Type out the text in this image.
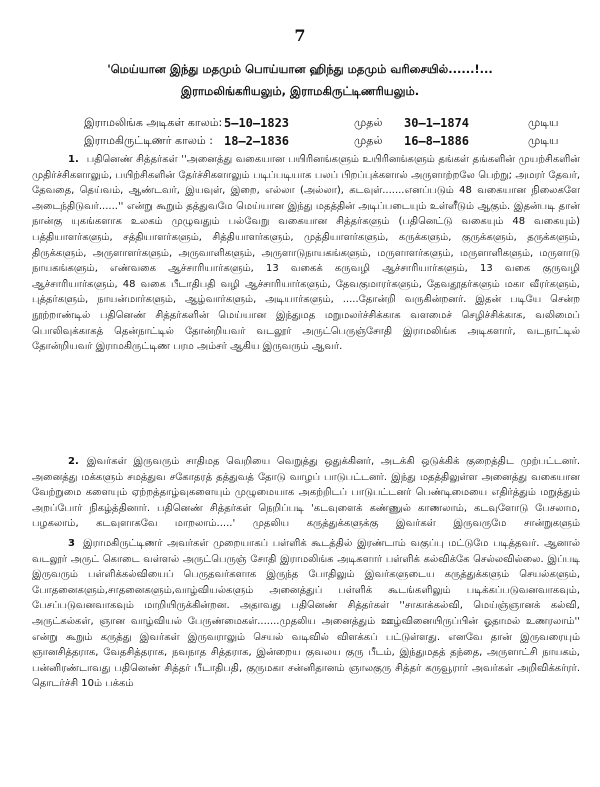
7
'மெய்யான இந்து மதமும் பொய்யான ஹிந்து மதமும் வரிசையில்......!...
இராமலிங்கரியலும், இராமகிருட்டிணரியலும்.
இராமலிங்க அடிகள் காலம்: 5—10—1823	முதல்	30—1—1874	முடிய
இராமகிருட்டிணர் காலம் : 18—2—1836	முதல்	16—8—1886	முடிய
1. பதினெண் சித்தர்கள் ''அனைத்து வகையான பயிரினங்களும் உயிரினங்களும் தங்கள் தங்களின் முயற்சிகளின் முதிர்ச்சிகளாலும், பயிற்சிகளின் தேர்ச்சிகளாலும் படிப்படியாக பலப் பிறப்புக்களால் அருளாற்றலே பெற்று; அமரர் தேவர், தேவதை, தெய்வம், ஆண்டவர், இயவுள், இறை, எல்லா (அல்லா), கடவுள்.......எனப்படும் 48 வகையான நிலைகளே அடைந்திடுவர்......'' என்று கூறும் தத்துவமே மெய்யான இந்து மதத்தின் அடிப்படையும் உள்ளீடும் ஆகும். இதன்படி தான் நான்கு யுகங்களாக உலகம் முழுவதும் பல்வேறு வகையான சித்தர்களும் (பதினெட்டு வகையும் 48 வகையும்) பத்தியாளர்களும், சத்தியாளர்களும், சித்தியாளர்களும், முத்தியாளர்களும், கருக்களும், குருக்களும், தருக்களும், திருக்களும், அருளாளர்களும், அருவாளிகளும், அருளாடுநாயகங்களும், மருளாளர்களும், மருளாளிகளும், மருளாடு நாயகங்களும், எண்வகை ஆச்சாரியார்களும், 13 வகைக் கருவழி ஆச்சாரியார்களும், 13 வகை குருவழி ஆச்சாரியார்களும், 48 வகை பீடாதிபதி வழி ஆச்சாரியார்களும், தேவகுமாரர்களும், தேவதூதர்களும் மகா வீரர்களும், புத்தர்களும், நாயன்மார்களும், ஆழ்வார்களும், அடியார்களும், .....தோன்றி வருகின்றனர். இதன் படியே சென்ற நூற்றாண்டில் பதினெண் சித்தர்களின் மெய்யான இந்துமத மறுமலர்ச்சிக்காக வளமைச் செழிச்சிக்காக, வலிமைப் பொலிவுக்காகத் தென்நாட்டில் தோன்றியவர் வடலூர் அருட்பெருஞ்சோதி இராமலிங்க அடிகளார், வடநாட்டில் தோன்றியவர் இராமகிருட்டிண பரம அம்சர் ஆகிய இருவரும் ஆவர்.
2. இவர்கள் இருவரும் சாதிமத வெறியை வெறுத்து ஒதுக்கினர், அடக்கி ஒடுக்கிக் குறைத்திட முற்பட்டனர். அனைத்து மக்களும் சமத்துவ சகோதரத் தத்துவத் தோடு வாழப் பாடுபட்டனர். இந்து மதத்திலுள்ள அனைத்து வகையான வேற்றுமை களையும் ஏற்றத்தாழ்வுகளையும் முழுமையாக அகற்றிடப் பாடுபட்டனர் பெண்டிமையை எதிர்த்தும் மறுத்தும் அறப்போர் நிகழ்த்தினார். பதினெண் சித்தர்கள் நெறிப்படி 'கடவுளைக் கண்ணுல் காணலாம், கடவுளோடு பேசலாம, பழகலாம், கடவுளாகவே மாறலாம்.....' முதலிய கருத்துக்களுக்கு இவர்கள் இருவருமே சான்றுகளும்
3 இராமகிருட்டிணர் அவர்கள் முறையாகப் பள்ளிக் கூடத்தில் இரண்டாம் வகுப்பு மட்டுமே படித்தவர். ஆனால் வடலூர் அருட் கொடை வள்ளல் அருட்பெருஞ் சோதி இராமலிங்க அடிகளார் பள்ளிக் கல்விக்கே செல்லவில்லை. இப்படி இருவரும் பள்ளிக்கல்வியைப் பெருதவர்களாக இருந்த போதிலும் இவர்களுடைய கருத்துக்களும் செயல்களும், போதனைகளும்,சாதனைகளும்,வாழ்வியல்களும் அனைத்துப் பள்ளிக் கூடங்களிலும் படிக்கப்படுவனவாகவும், பேசப்படுவனவாகவும் மாறியிருக்கின்றன. அதாவது பதினெண் சித்தர்கள் ''சாகாக்கல்வி, மெய்ஞ்ஞானக் கல்வி, அருட்கல்கள், ஞான வாழ்வியல் பேருண்மைகள்.......முதலிய அனைத்தும் ஊழ்வினையிருப்பின் ஓதாமல் உணரலாம்'' என்று கூறும் கருத்து இவர்கள் இருவராலும் செயல் வடிவில் விளக்கப் பட்டுள்ளது. எனவே தான் இருவரையும் ஞானசித்தராக, வேதசித்தராக, நவநாத சித்தராக, இன்றைய குவலய குரு பீடம், இந்துமதத் தந்தை, அருளாட்சி நாயகம், பன்னிரண்டாவது பதினெண் சித்தர் பீடாதிபதி, குருமகா சன்னிதானம் ஞாலகுரு சித்தர் கருவூரார் அவர்கள் அறிவிக்கர்ரர். தொடர்ச்சி 10ம் பக்கம்
